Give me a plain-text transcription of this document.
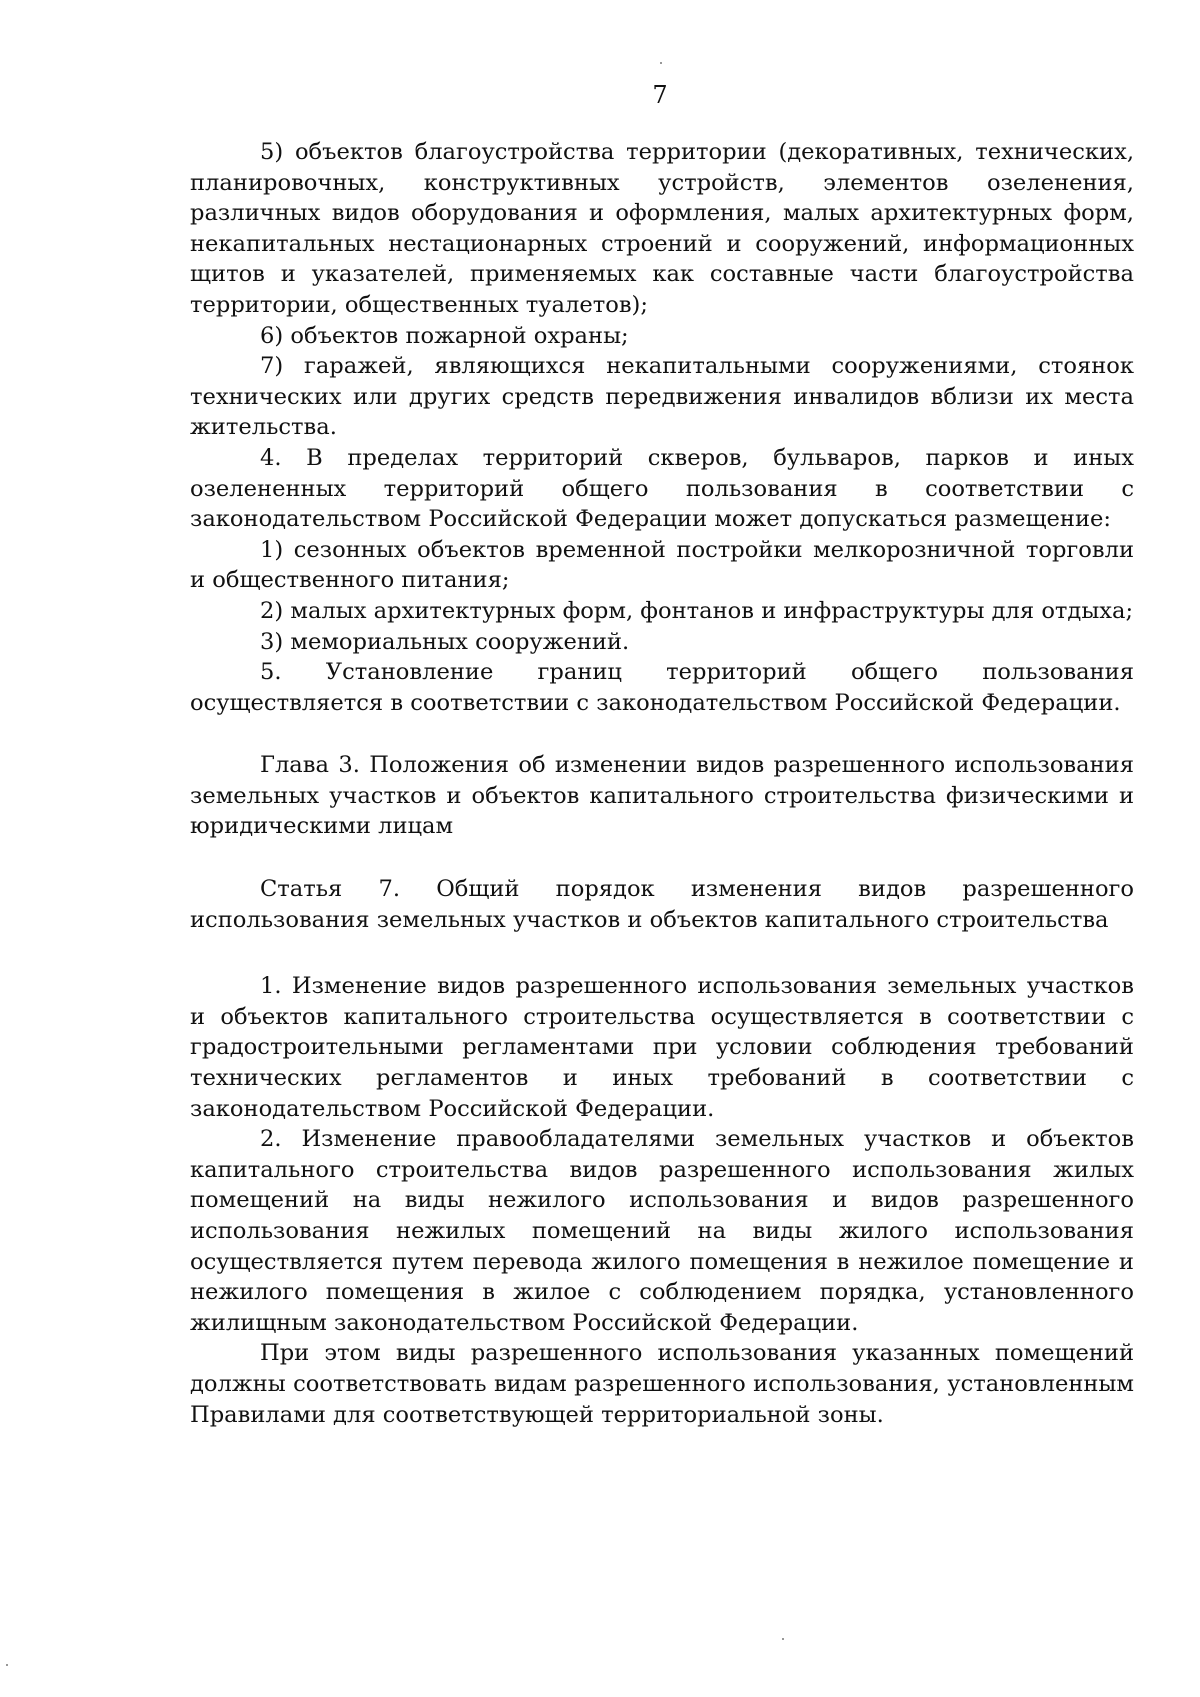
7

5) объектов благоустройства территории (декоративных, технических, планировочных, конструктивных устройств, элементов озеленения, различных видов оборудования и оформления, малых архитектурных форм, некапитальных нестационарных строений и сооружений, информационных щитов и указателей, применяемых как составные части благоустройства территории, общественных туалетов);

6) объектов пожарной охраны;

7) гаражей, являющихся некапитальными сооружениями, стоянок технических или других средств передвижения инвалидов вблизи их места жительства.

4. В пределах территорий скверов, бульваров, парков и иных озелененных территорий общего пользования в соответствии с законодательством Российской Федерации может допускаться размещение:

1) сезонных объектов временной постройки мелкорозничной торговли и общественного питания;

2) малых архитектурных форм, фонтанов и инфраструктуры для отдыха;

3) мемориальных сооружений.

5. Установление границ территорий общего пользования осуществляется в соответствии с законодательством Российской Федерации.

Глава 3. Положения об изменении видов разрешенного использования земельных участков и объектов капитального строительства физическими и юридическими лицам

Статья 7. Общий порядок изменения видов разрешенного использования земельных участков и объектов капитального строительства

1. Изменение видов разрешенного использования земельных участков и объектов капитального строительства осуществляется в соответствии с градостроительными регламентами при условии соблюдения требований технических регламентов и иных требований в соответствии с законодательством Российской Федерации.

2. Изменение правообладателями земельных участков и объектов капитального строительства видов разрешенного использования жилых помещений на виды нежилого использования и видов разрешенного использования нежилых помещений на виды жилого использования осуществляется путем перевода жилого помещения в нежилое помещение и нежилого помещения в жилое с соблюдением порядка, установленного жилищным законодательством Российской Федерации.

При этом виды разрешенного использования указанных помещений должны соответствовать видам разрешенного использования, установленным Правилами для соответствующей территориальной зоны.
